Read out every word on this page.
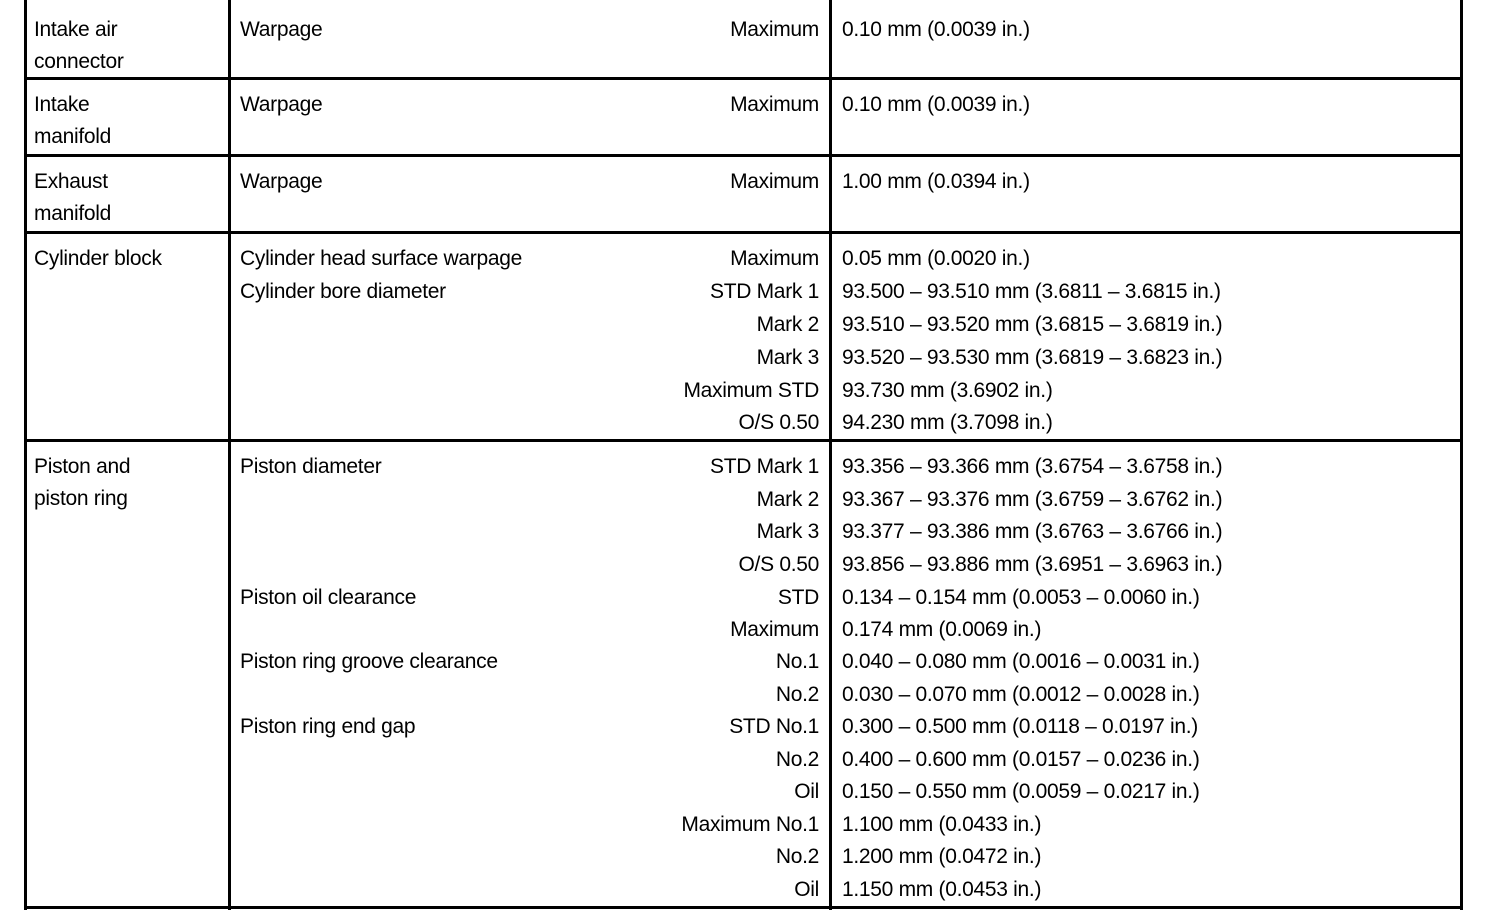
Intake air
connector
Warpage	Maximum 0.10 mm (0.0039 in.)
Intake
manifold
Warpage	Maximum 0.10 mm (0.0039 in.)
Exhaust
manifold
Warpage	Maximum 1.00 mm (0.0394 in.)
Cylinder block	Cylinder head surface warpage	Maximum 0.05 mm (0.0020 in.)
Cylinder bore diameter	STD Mark 1 93.500 – 93.510 mm (3.6811 – 3.6815 in.)
Mark 2 93.510 – 93.520 mm (3.6815 – 3.6819 in.)
Mark 3 93.520 – 93.530 mm (3.6819 – 3.6823 in.)
Maximum STD 93.730 mm (3.6902 in.)
O/S 0.50 94.230 mm (3.7098 in.)
Piston and
piston ring
Piston diameter	STD Mark 1 93.356 – 93.366 mm (3.6754 – 3.6758 in.)
Mark 2 93.367 – 93.376 mm (3.6759 – 3.6762 in.)
Mark 3 93.377 – 93.386 mm (3.6763 – 3.6766 in.)
O/S 0.50 93.856 – 93.886 mm (3.6951 – 3.6963 in.)
Piston oil clearance	STD 0.134 – 0.154 mm (0.0053 – 0.0060 in.)
Maximum 0.174 mm (0.0069 in.)
Piston ring groove clearance	No.1 0.040 – 0.080 mm (0.0016 – 0.0031 in.)
No.2 0.030 – 0.070 mm (0.0012 – 0.0028 in.)
Piston ring end gap	STD No.1 0.300 – 0.500 mm (0.0118 – 0.0197 in.)
No.2 0.400 – 0.600 mm (0.0157 – 0.0236 in.)
Oil 0.150 – 0.550 mm (0.0059 – 0.0217 in.)
Maximum No.1 1.100 mm (0.0433 in.)
No.2 1.200 mm (0.0472 in.)
Oil 1.150 mm (0.0453 in.)
